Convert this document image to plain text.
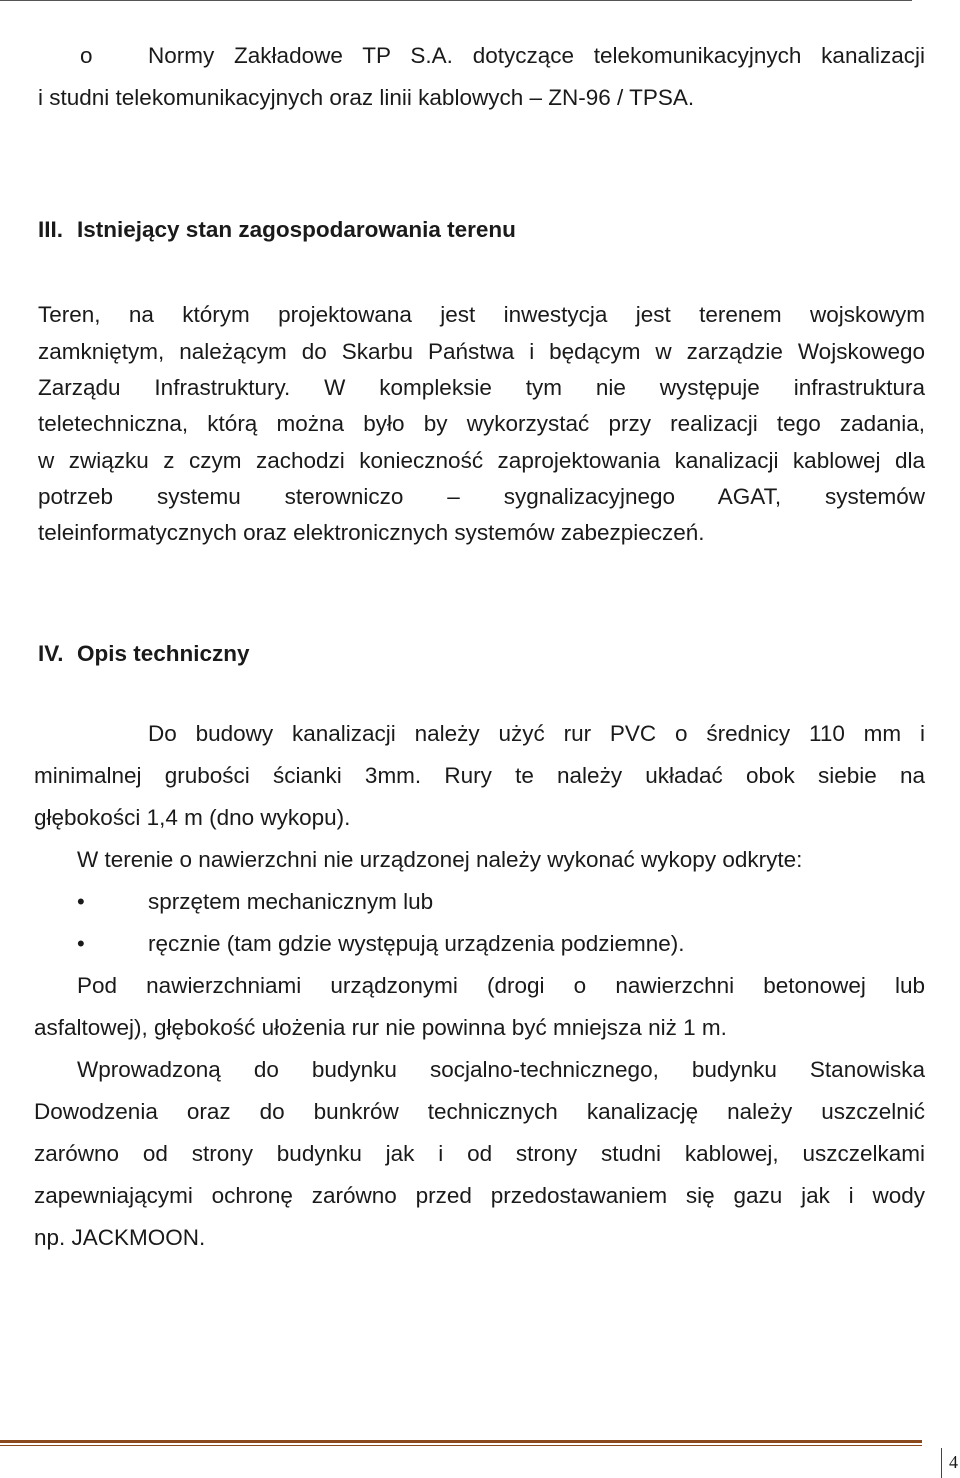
o Normy Zakładowe TP S.A. dotyczące telekomunikacyjnych kanalizacji
i studni telekomunikacyjnych oraz linii kablowych – ZN-96 / TPSA.
III. Istniejący stan zagospodarowania terenu
Teren, na którym projektowana jest inwestycja jest terenem wojskowym
zamkniętym, należącym do Skarbu Państwa i będącym w zarządzie Wojskowego
Zarządu Infrastruktury. W kompleksie tym nie występuje infrastruktura
teletechniczna, którą można było by wykorzystać przy realizacji tego zadania,
w związku z czym zachodzi konieczność zaprojektowania kanalizacji kablowej dla
potrzeb systemu sterowniczo – sygnalizacyjnego AGAT, systemów
teleinformatycznych oraz elektronicznych systemów zabezpieczeń.
IV. Opis techniczny
Do budowy kanalizacji należy użyć rur PVC o średnicy 110 mm i
minimalnej grubości ścianki 3mm. Rury te należy układać obok siebie na
głębokości 1,4 m (dno wykopu).
W terenie o nawierzchni nie urządzonej należy wykonać wykopy odkryte:
•	sprzętem mechanicznym lub
•	ręcznie (tam gdzie występują urządzenia podziemne).
Pod nawierzchniami urządzonymi (drogi o nawierzchni betonowej lub
asfaltowej), głębokość ułożenia rur nie powinna być mniejsza niż 1 m.
Wprowadzoną do budynku socjalno-technicznego, budynku Stanowiska
Dowodzenia oraz do bunkrów technicznych kanalizację należy uszczelnić
zarówno od strony budynku jak i od strony studni kablowej, uszczelkami
zapewniającymi ochronę zarówno przed przedostawaniem się gazu jak i wody
np. JACKMOON.
4
